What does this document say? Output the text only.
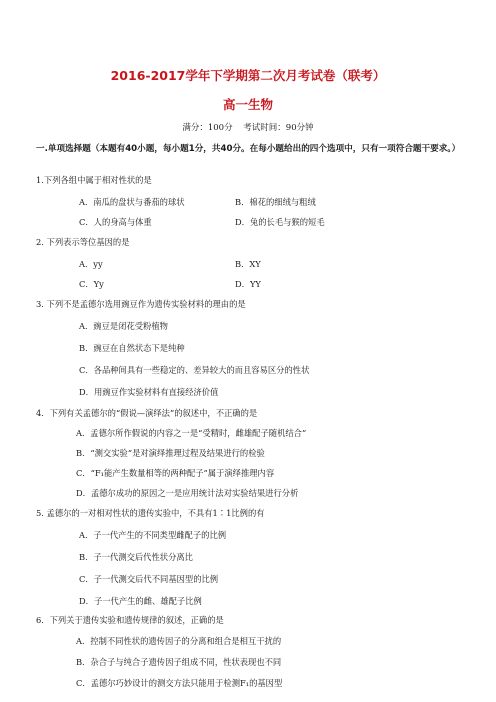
2016-2017学年下学期第二次月考试卷（联考）
高一生物
满分：100分 考试时间：90分钟
一.单项选择题（本题有40小题，每小题1分，共40分。在每小题给出的四个选项中，只有一项符合题干要求。）
1.下列各组中属于相对性状的是
A．南瓜的盘状与番茄的球状	B．棉花的细绒与粗绒
C．人的身高与体重	D．兔的长毛与猴的短毛
2. 下列表示等位基因的是
A．yy	B．XY
C．Yy	D．YY
3. 下列不是孟德尔选用豌豆作为遗传实验材料的理由的是
A．豌豆是闭花受粉植物
B．豌豆在自然状态下是纯种
C．各品种间具有一些稳定的、差异较大的而且容易区分的性状
D．用豌豆作实验材料有直接经济价值
4．下列有关孟德尔的“假说—演绎法”的叙述中，不正确的是
A．孟德尔所作假说的内容之一是“受精时，雌雄配子随机结合”
B．“测交实验”是对演绎推理过程及结果进行的检验
C．“F₁能产生数量相等的两种配子”属于演绎推理内容
D．孟德尔成功的原因之一是应用统计法对实验结果进行分析
5. 孟德尔的一对相对性状的遗传实验中，不具有1∶1比例的有
A．子一代产生的不同类型雌配子的比例
B．子一代测交后代性状分离比
C．子一代测交后代不同基因型的比例
D．子一代产生的雌、雄配子比例
6．下列关于遗传实验和遗传规律的叙述，正确的是
A．控制不同性状的遗传因子的分离和组合是相互干扰的
B．杂合子与纯合子遗传因子组成不同，性状表现也不同
C．孟德尔巧妙设计的测交方法只能用于检测F₁的基因型
